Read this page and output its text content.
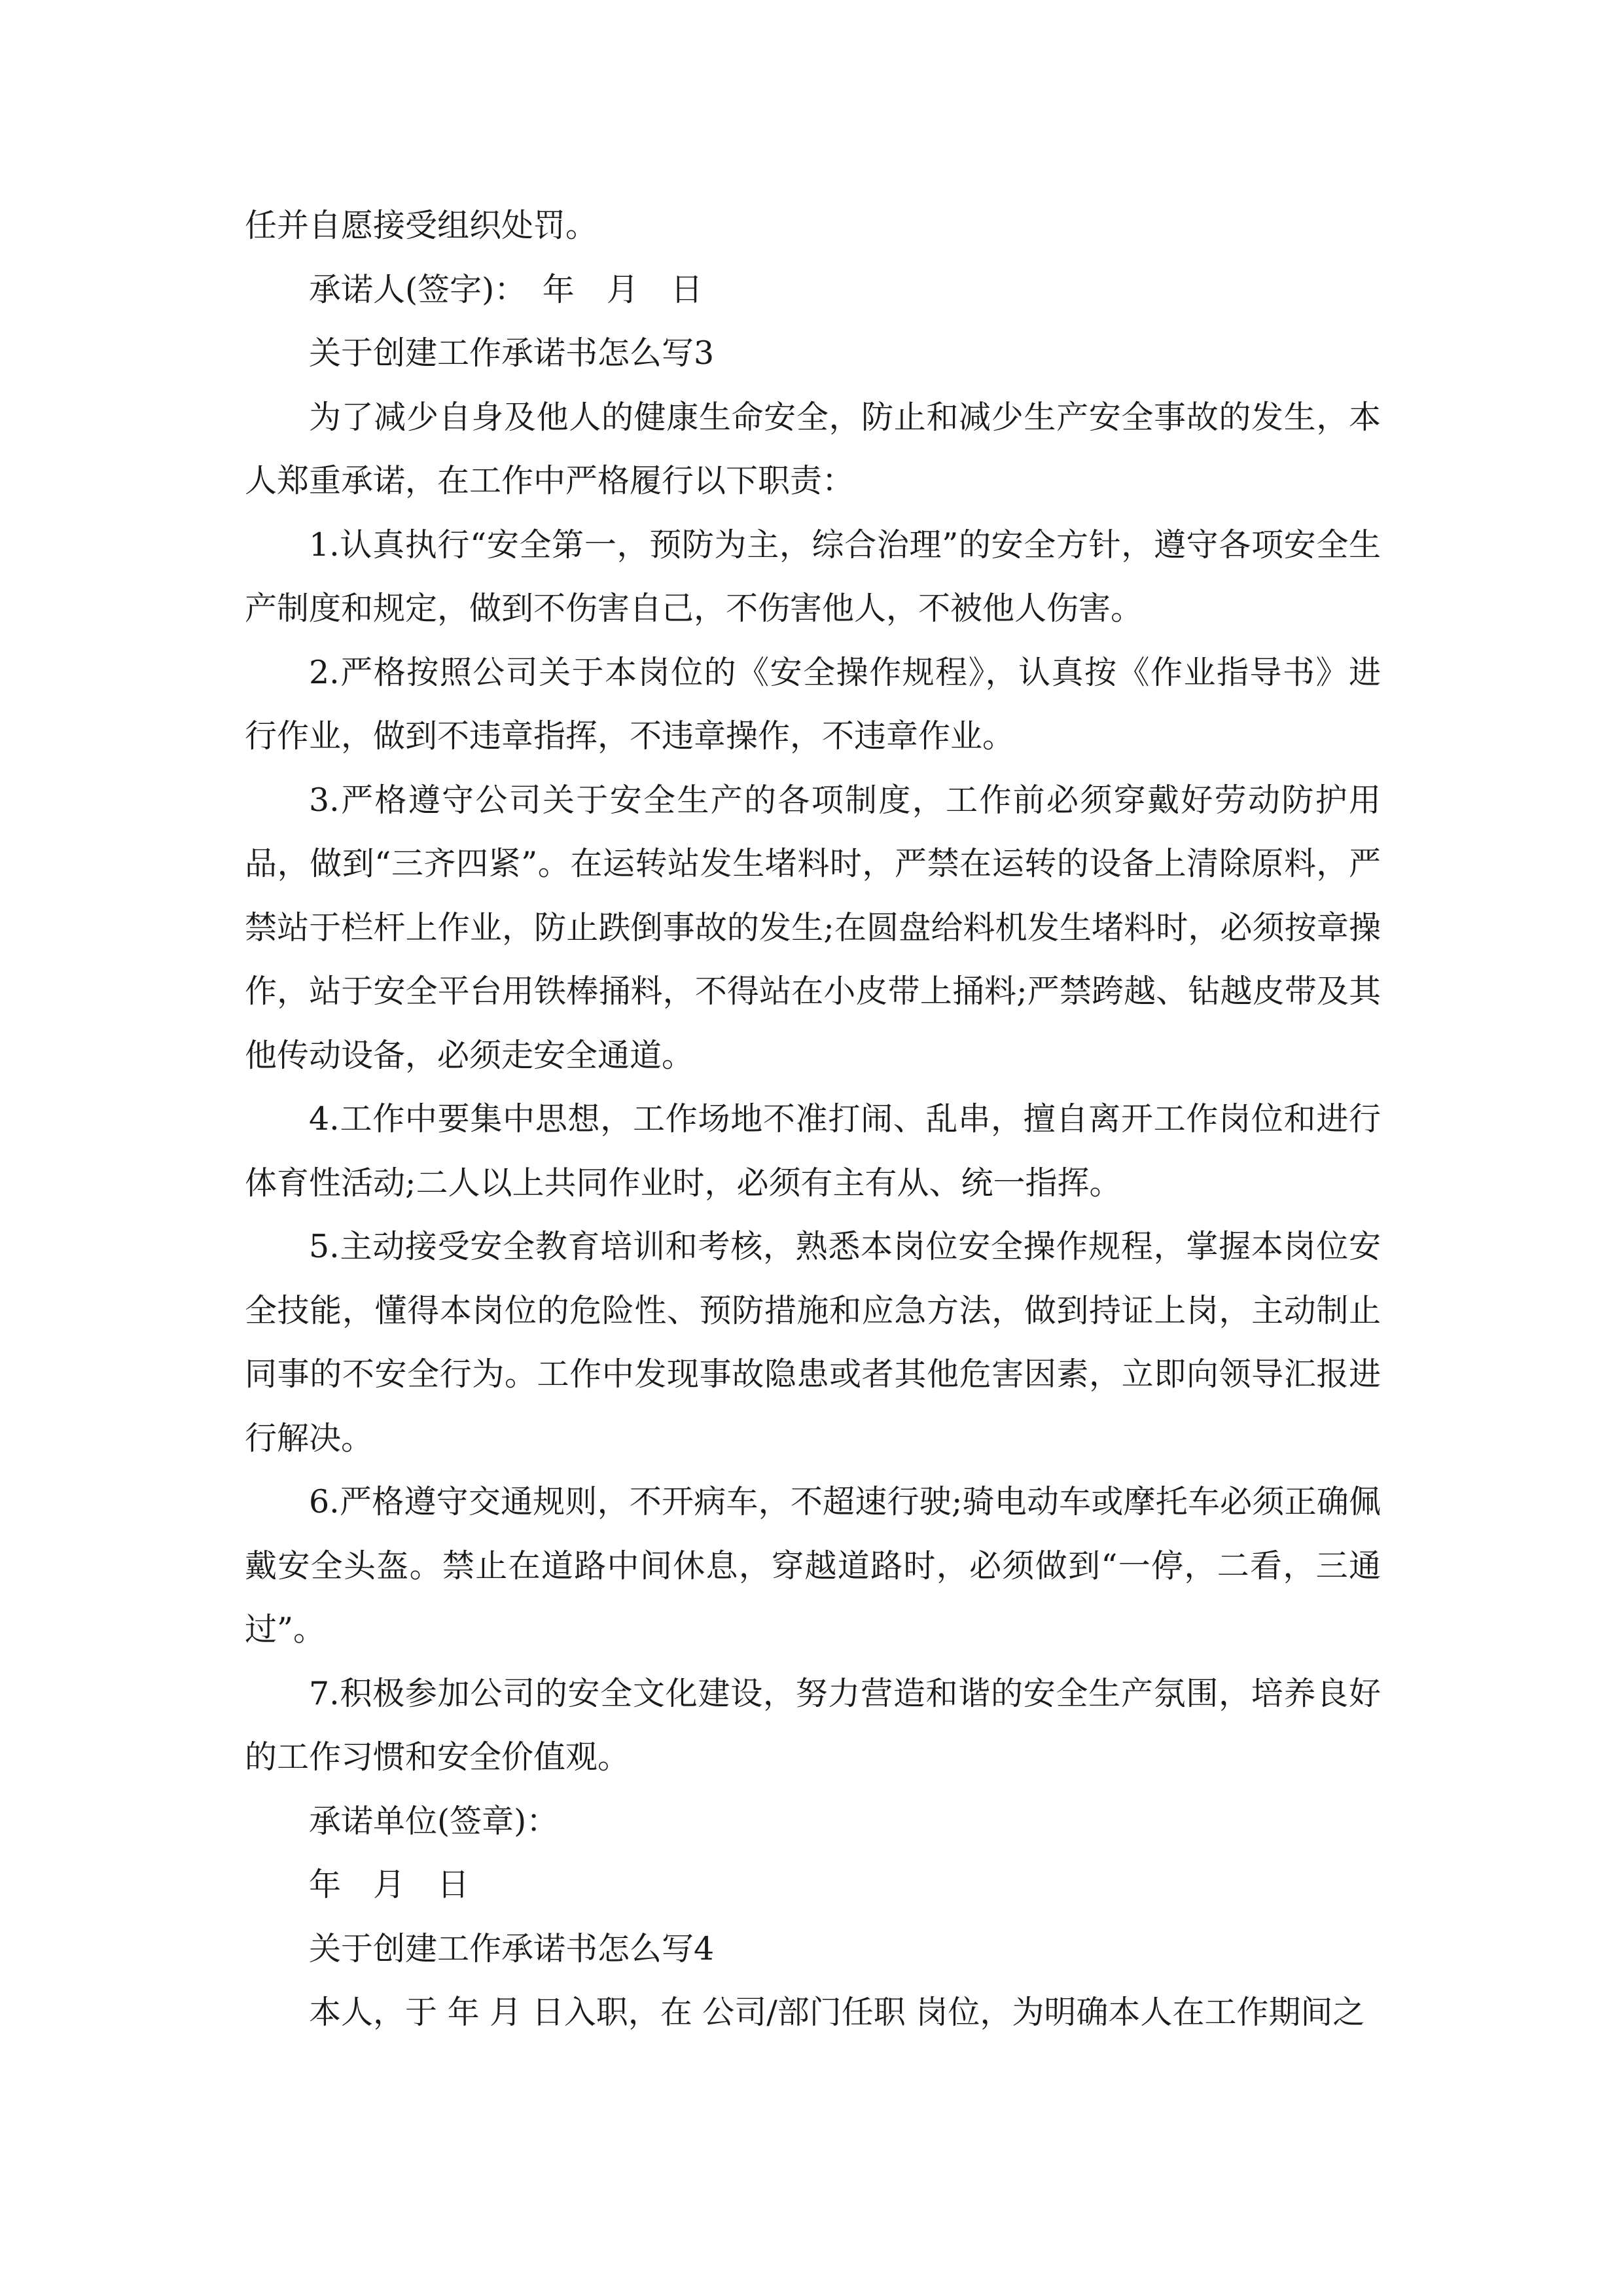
任并自愿接受组织处罚。

承诺人(签字)：　年　月　日

关于创建工作承诺书怎么写3

为了减少自身及他人的健康生命安全，防止和减少生产安全事故的发生，本人郑重承诺，在工作中严格履行以下职责：

1.认真执行“安全第一，预防为主，综合治理”的安全方针，遵守各项安全生产制度和规定，做到不伤害自己，不伤害他人，不被他人伤害。

2.严格按照公司关于本岗位的《安全操作规程》，认真按《作业指导书》进行作业，做到不违章指挥，不违章操作，不违章作业。

3.严格遵守公司关于安全生产的各项制度，工作前必须穿戴好劳动防护用品，做到“三齐四紧”。在运转站发生堵料时，严禁在运转的设备上清除原料，严禁站于栏杆上作业，防止跌倒事故的发生;在圆盘给料机发生堵料时，必须按章操作，站于安全平台用铁棒捅料，不得站在小皮带上捅料;严禁跨越、钻越皮带及其他传动设备，必须走安全通道。

4.工作中要集中思想，工作场地不准打闹、乱串，擅自离开工作岗位和进行体育性活动;二人以上共同作业时，必须有主有从、统一指挥。

5.主动接受安全教育培训和考核，熟悉本岗位安全操作规程，掌握本岗位安全技能，懂得本岗位的危险性、预防措施和应急方法，做到持证上岗，主动制止同事的不安全行为。工作中发现事故隐患或者其他危害因素，立即向领导汇报进行解决。

6.严格遵守交通规则，不开病车，不超速行驶;骑电动车或摩托车必须正确佩戴安全头盔。禁止在道路中间休息，穿越道路时，必须做到“一停，二看，三通过”。

7.积极参加公司的安全文化建设，努力营造和谐的安全生产氛围，培养良好的工作习惯和安全价值观。

承诺单位(签章)：

年　月　日

关于创建工作承诺书怎么写4

本人，于 年 月 日入职，在 公司/部门任职 岗位，为明确本人在工作期间之
